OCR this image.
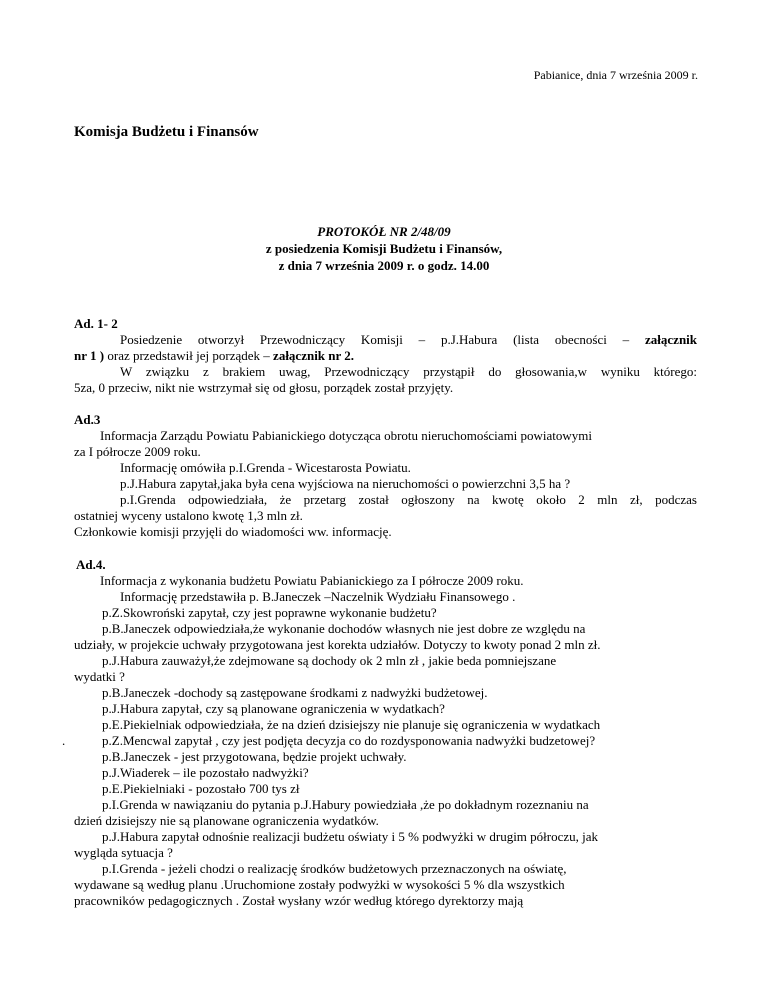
Pabianice, dnia 7 września 2009 r.
Komisja Budżetu i Finansów
PROTOKÓŁ NR 2/48/09
z posiedzenia Komisji Budżetu i Finansów,
z dnia 7 września 2009 r. o godz. 14.00
Ad. 1- 2
Posiedzenie otworzył Przewodniczący Komisji – p.J.Habura (lista obecności – załącznik
nr 1 ) oraz przedstawił jej porządek – załącznik nr 2.
W związku z brakiem uwag, Przewodniczący przystąpił do głosowania,w wyniku którego:
5za, 0 przeciw, nikt nie wstrzymał się od głosu, porządek został przyjęty.
Ad.3
Informacja Zarządu Powiatu Pabianickiego dotycząca obrotu nieruchomościami powiatowymi
za I półrocze 2009 roku.
Informację omówiła p.I.Grenda - Wicestarosta Powiatu.
p.J.Habura zapytał,jaka była cena wyjściowa na nieruchomości o powierzchni 3,5 ha ?
p.I.Grenda odpowiedziała, że przetarg został ogłoszony na kwotę około 2 mln zł, podczas
ostatniej wyceny ustalono kwotę 1,3 mln zł.
Członkowie komisji przyjęli do wiadomości ww. informację.
Ad.4.
Informacja z wykonania budżetu Powiatu Pabianickiego za I półrocze 2009 roku.
Informację przedstawiła p. B.Janeczek –Naczelnik Wydziału Finansowego .
p.Z.Skowroński zapytał, czy jest poprawne wykonanie budżetu?
p.B.Janeczek odpowiedziała,że wykonanie dochodów własnych nie jest dobre ze względu na
udziały, w projekcie uchwały przygotowana jest korekta udziałów. Dotyczy to kwoty ponad 2 mln zł.
p.J.Habura zauważył,że zdejmowane są dochody ok 2 mln zł , jakie beda pomniejszane
wydatki ?
p.B.Janeczek -dochody są zastępowane środkami z nadwyżki budżetowej.
p.J.Habura zapytał, czy są planowane ograniczenia w wydatkach?
p.E.Piekielniak odpowiedziała, że na dzień dzisiejszy nie planuje się ograniczenia w wydatkach
p.Z.Mencwal zapytał , czy jest podjęta decyzja co do rozdysponowania nadwyżki budzetowej?
p.B.Janeczek - jest przygotowana, będzie projekt uchwały.
p.J.Wiaderek – ile pozostało nadwyżki?
p.E.Piekielniaki - pozostało 700 tys zł
p.I.Grenda w nawiązaniu do pytania p.J.Habury powiedziała ,że po dokładnym rozeznaniu na
dzień dzisiejszy nie są planowane ograniczenia wydatków.
p.J.Habura zapytał odnośnie realizacji budżetu oświaty i 5 % podwyżki w drugim półroczu, jak
wygląda sytuacja ?
p.I.Grenda - jeżeli chodzi o realizację środków budżetowych przeznaczonych na oświatę,
wydawane są według planu .Uruchomione zostały podwyżki w wysokości 5 % dla wszystkich
pracowników pedagogicznych . Został wysłany wzór według którego dyrektorzy mają
.
